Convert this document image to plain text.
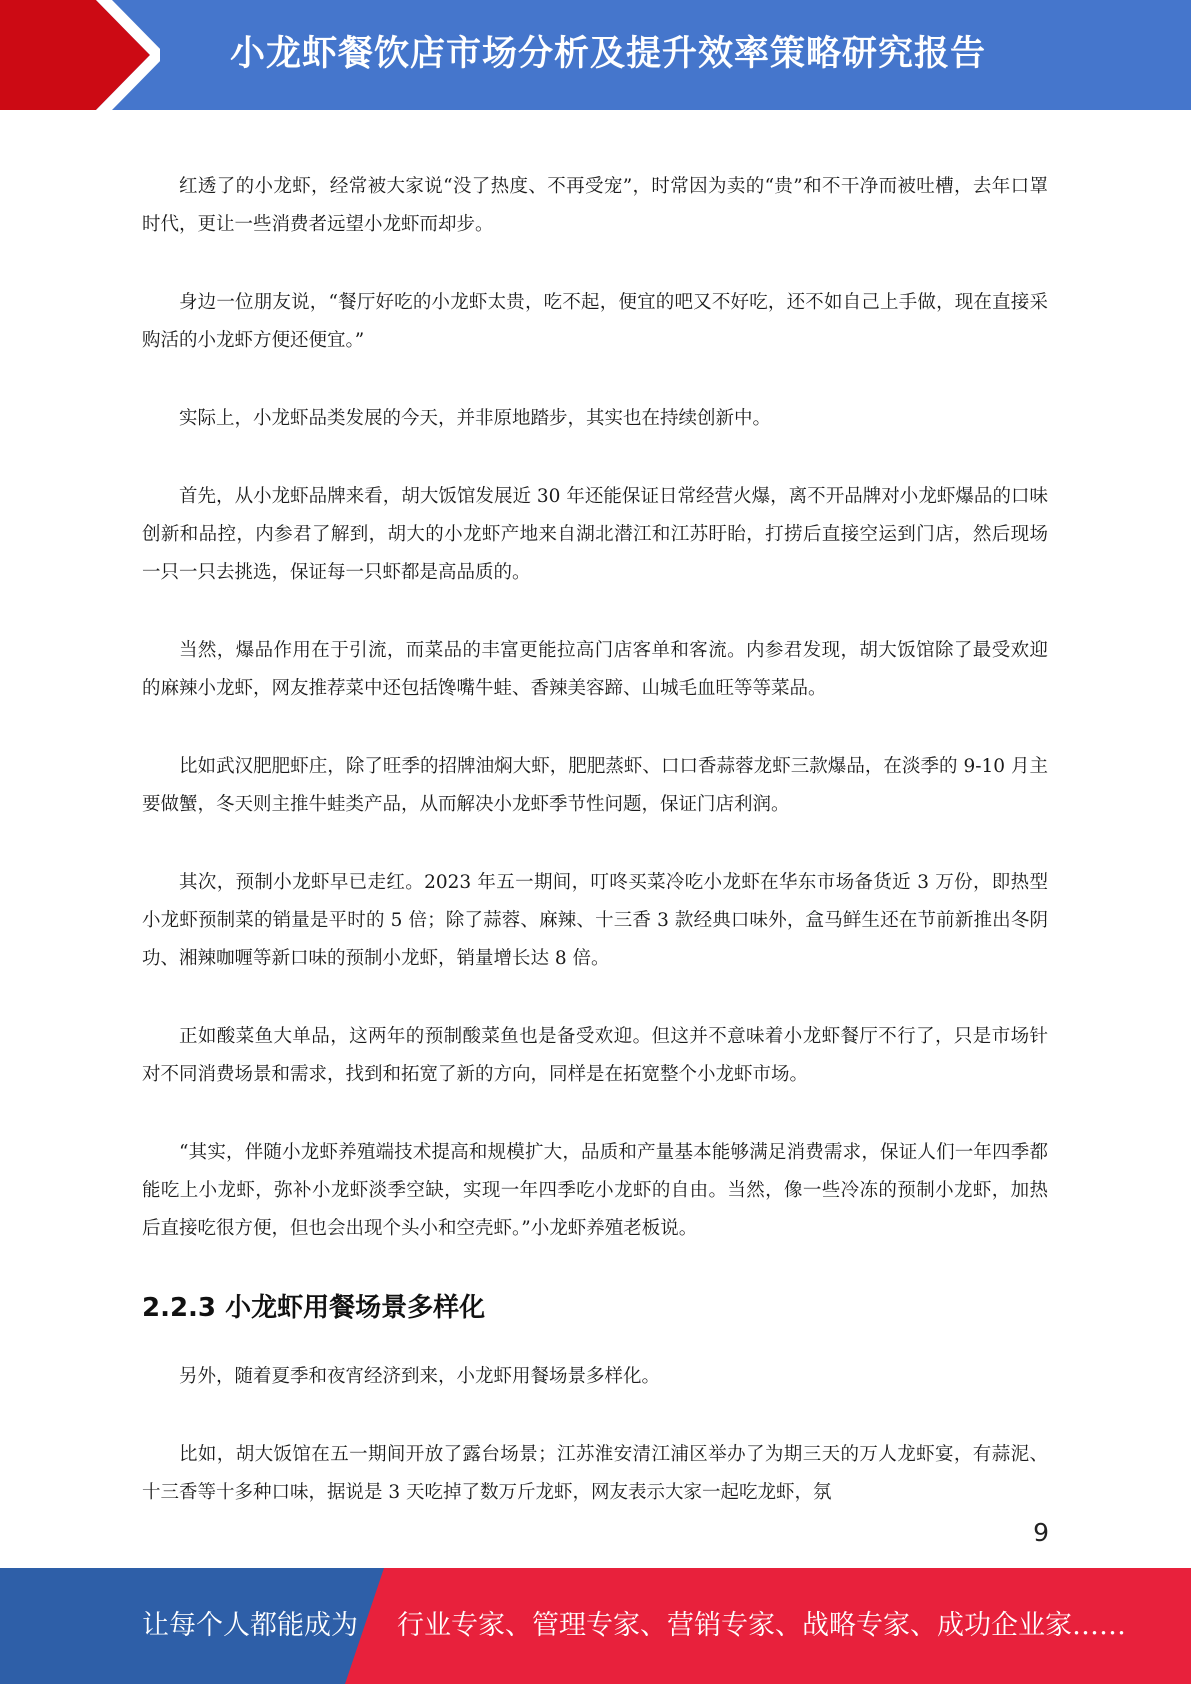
小龙虾餐饮店市场分析及提升效率策略研究报告

红透了的小龙虾，经常被大家说“没了热度、不再受宠”，时常因为卖的“贵”和不干净而被吐槽，去年口罩时代，更让一些消费者远望小龙虾而却步。

身边一位朋友说，“餐厅好吃的小龙虾太贵，吃不起，便宜的吧又不好吃，还不如自己上手做，现在直接采购活的小龙虾方便还便宜。”

实际上，小龙虾品类发展的今天，并非原地踏步，其实也在持续创新中。

首先，从小龙虾品牌来看，胡大饭馆发展近 30 年还能保证日常经营火爆，离不开品牌对小龙虾爆品的口味创新和品控，内参君了解到，胡大的小龙虾产地来自湖北潜江和江苏盱眙，打捞后直接空运到门店，然后现场一只一只去挑选，保证每一只虾都是高品质的。

当然，爆品作用在于引流，而菜品的丰富更能拉高门店客单和客流。内参君发现，胡大饭馆除了最受欢迎的麻辣小龙虾，网友推荐菜中还包括馋嘴牛蛙、香辣美容蹄、山城毛血旺等等菜品。

比如武汉肥肥虾庄，除了旺季的招牌油焖大虾，肥肥蒸虾、口口香蒜蓉龙虾三款爆品，在淡季的 9-10 月主要做蟹，冬天则主推牛蛙类产品，从而解决小龙虾季节性问题，保证门店利润。

其次，预制小龙虾早已走红。2023 年五一期间，叮咚买菜冷吃小龙虾在华东市场备货近 3 万份，即热型小龙虾预制菜的销量是平时的 5 倍；除了蒜蓉、麻辣、十三香 3 款经典口味外，盒马鲜生还在节前新推出冬阴功、湘辣咖喱等新口味的预制小龙虾，销量增长达 8 倍。

正如酸菜鱼大单品，这两年的预制酸菜鱼也是备受欢迎。但这并不意味着小龙虾餐厅不行了，只是市场针对不同消费场景和需求，找到和拓宽了新的方向，同样是在拓宽整个小龙虾市场。

“其实，伴随小龙虾养殖端技术提高和规模扩大，品质和产量基本能够满足消费需求，保证人们一年四季都能吃上小龙虾，弥补小龙虾淡季空缺，实现一年四季吃小龙虾的自由。当然，像一些冷冻的预制小龙虾，加热后直接吃很方便，但也会出现个头小和空壳虾。”小龙虾养殖老板说。

2.2.3 小龙虾用餐场景多样化

另外，随着夏季和夜宵经济到来，小龙虾用餐场景多样化。

比如，胡大饭馆在五一期间开放了露台场景；江苏淮安清江浦区举办了为期三天的万人龙虾宴，有蒜泥、十三香等十多种口味，据说是 3 天吃掉了数万斤龙虾，网友表示大家一起吃龙虾，氛

9
让每个人都能成为 行业专家、管理专家、营销专家、战略专家、成功企业家……
